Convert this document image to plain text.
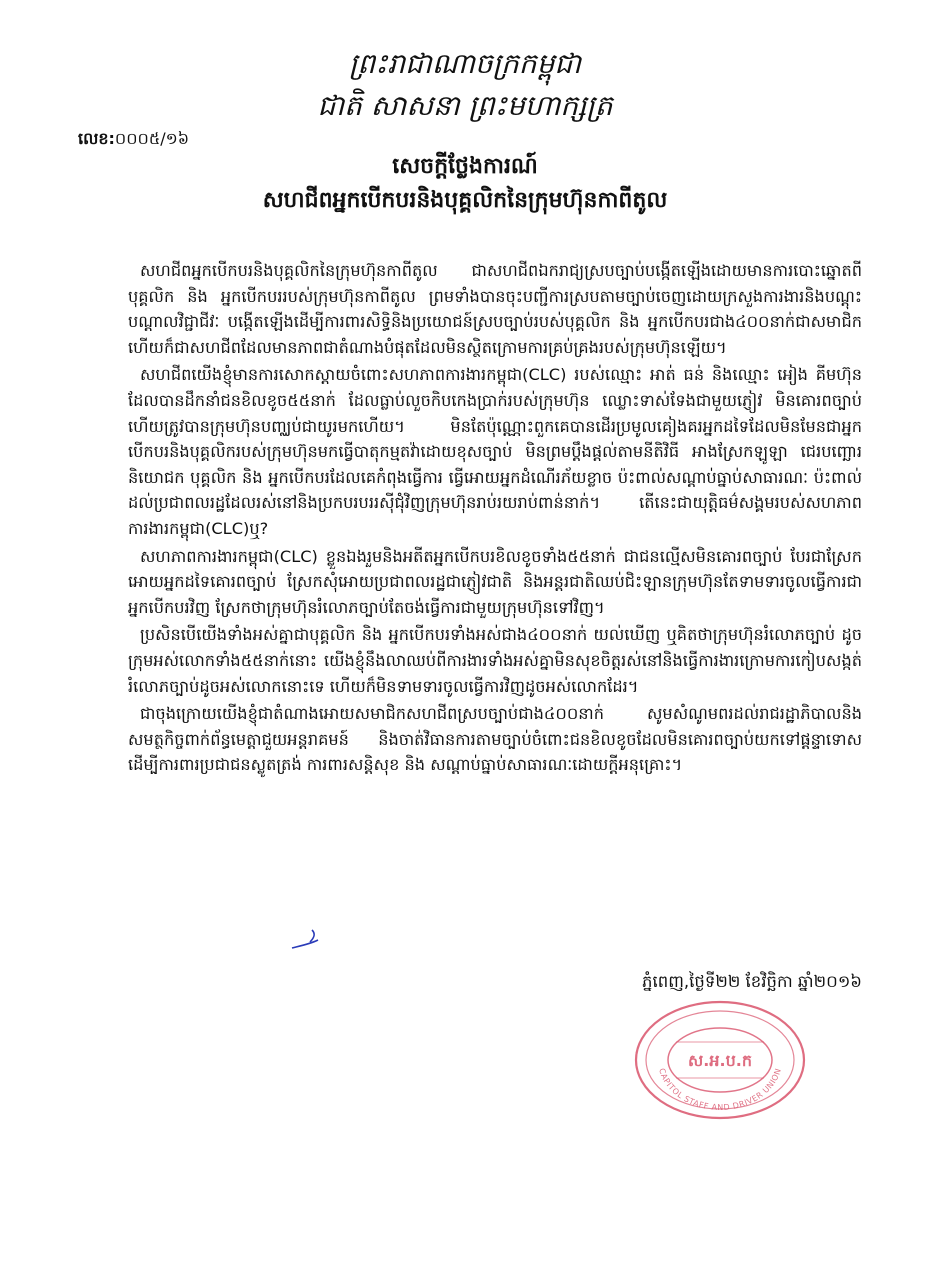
ព្រះរាជាណាចក្រកម្ពុជា
ជាតិ សាសនា ព្រះមហាក្សត្រ
លេខ:០០០៥/១៦
សេចក្ដីថ្លែងការណ៍
សហជីពអ្នកបើកបរនិងបុគ្គលិកនៃក្រុមហ៊ុនកាពីតូល

សហជីពអ្នកបើកបរនិងបុគ្គលិកនៃក្រុមហ៊ុនកាពីតូល ជាសហជីពឯករាជ្យស្របច្បាប់បង្កើតឡើងដោយមានការបោះឆ្នោតពីបុគ្គលិក និង អ្នកបើកបររបស់ក្រុមហ៊ុនកាពីតូល ព្រមទាំងបានចុះបញ្ជីការស្របតាមច្បាប់ចេញដោយក្រសួងការងារនិងបណ្ដុះបណ្ដាលវិជ្ជាជីវៈ បង្កើតឡើងដើម្បីការពារសិទ្ធិនិងប្រយោជន៍ស្របច្បាប់របស់បុគ្គលិក និង អ្នកបើកបរជាង៤០០នាក់ជាសមាជិក ហើយក៏ជាសហជីពដែលមានភាពជាតំណាងបំផុតដែលមិនស្ថិតក្រោមការគ្រប់គ្រងរបស់ក្រុមហ៊ុនឡើយ។

សហជីពយើងខ្ញុំមានការសោកស្ដាយចំពោះសហភាពការងារកម្ពុជា(CLC) របស់ឈ្មោះ អាត់ ធន់ និងឈ្មោះ អៀង គីមហ៊ុន ដែលបានដឹកនាំជនខិលខូច៥៥នាក់ ដែលធ្លាប់លួចកិបកេងប្រាក់របស់ក្រុមហ៊ុន ឈ្លោះទាស់ទែងជាមួយភ្ញៀវ មិនគោរពច្បាប់ហើយត្រូវបានក្រុមហ៊ុនបញ្ឈប់ជាយូរមកហើយ។ មិនតែប៉ុណ្ណោះពួកគេបានដើរប្រមូលគៀងគរអ្នកដទៃដែលមិនមែនជាអ្នកបើកបរនិងបុគ្គលិករបស់ក្រុមហ៊ុនមកធ្វើបាតុកម្មតវ៉ាដោយខុសច្បាប់ មិនព្រមប្ដឹងផ្ដល់តាមនីតិវិធី អាងស្រែកឡូឡា ជេរបញ្ឆោរនិយោជក បុគ្គលិក និង អ្នកបើកបរដែលគេកំពុងធ្វើការ ធ្វើអោយអ្នកដំណើរភ័យខ្លាច ប៉ះពាល់សណ្ដាប់ធ្នាប់សាធារណៈ ប៉ះពាល់ដល់ប្រជាពលរដ្ឋដែលរស់នៅនិងប្រកបរបររស៊ីជុំវិញក្រុមហ៊ុនរាប់រយរាប់ពាន់នាក់។ តើនេះជាយុត្តិធម៌សង្គមរបស់សហភាពការងារកម្ពុជា(CLC)ឬ?

សហភាពការងារកម្ពុជា(CLC) ខ្លួនឯងរួមនិងអតីតអ្នកបើកបរខិលខូចទាំង៥៥នាក់ ជាជនល្មើសមិនគោរពច្បាប់ បែរជាស្រែកអោយអ្នកដទៃគោរពច្បាប់ ស្រែកសុំអោយប្រជាពលរដ្ឋជាភ្ញៀវជាតិ និងអន្តរជាតិឈប់ជិះឡានក្រុមហ៊ុនតែទាមទារចូលធ្វើការជាអ្នកបើកបរវិញ ស្រែកថាក្រុមហ៊ុនរំលោភច្បាប់តែចង់ធ្វើការជាមួយក្រុមហ៊ុនទៅវិញ។

ប្រសិនបើយើងទាំងអស់គ្នាជាបុគ្គលិក និង អ្នកបើកបរទាំងអស់ជាង៤០០នាក់ យល់ឃើញ ឬគិតថាក្រុមហ៊ុនរំលោភច្បាប់ ដូចក្រុមអស់លោកទាំង៥៥នាក់នោះ យើងខ្ញុំនឹងលាឈប់ពីការងារទាំងអស់គ្នាមិនសុខចិត្តរស់នៅនិងធ្វើការងារក្រោមការកៀបសង្កត់រំលោភច្បាប់ដូចអស់លោកនោះទេ ហើយក៏មិនទាមទារចូលធ្វើការវិញដូចអស់លោកដែរ។

ជាចុងក្រោយយើងខ្ញុំជាតំណាងអោយសមាជិកសហជីពស្របច្បាប់ជាង៤០០នាក់ សូមសំណូមពរដល់រាជរដ្ឋាភិបាលនិងសមត្ថកិច្ចពាក់ព័ន្ធមេត្តាជួយអន្តរាគមន៍ និងចាត់វិធានការតាមច្បាប់ចំពោះជនខិលខូចដែលមិនគោរពច្បាប់យកទៅផ្ដន្ទាទោសដើម្បីការពារប្រជាជនស្លូតត្រង់ ការពារសន្តិសុខ និង សណ្ដាប់ធ្នាប់សាធារណៈដោយក្ដីអនុគ្រោះ។

ភ្នំពេញ,ថ្ងៃទី២២ ខែវិច្ឆិកា ឆ្នាំ២០១៦
ស.អ.ប.ក
CAPITOL STAFF AND DRIVER UNION
